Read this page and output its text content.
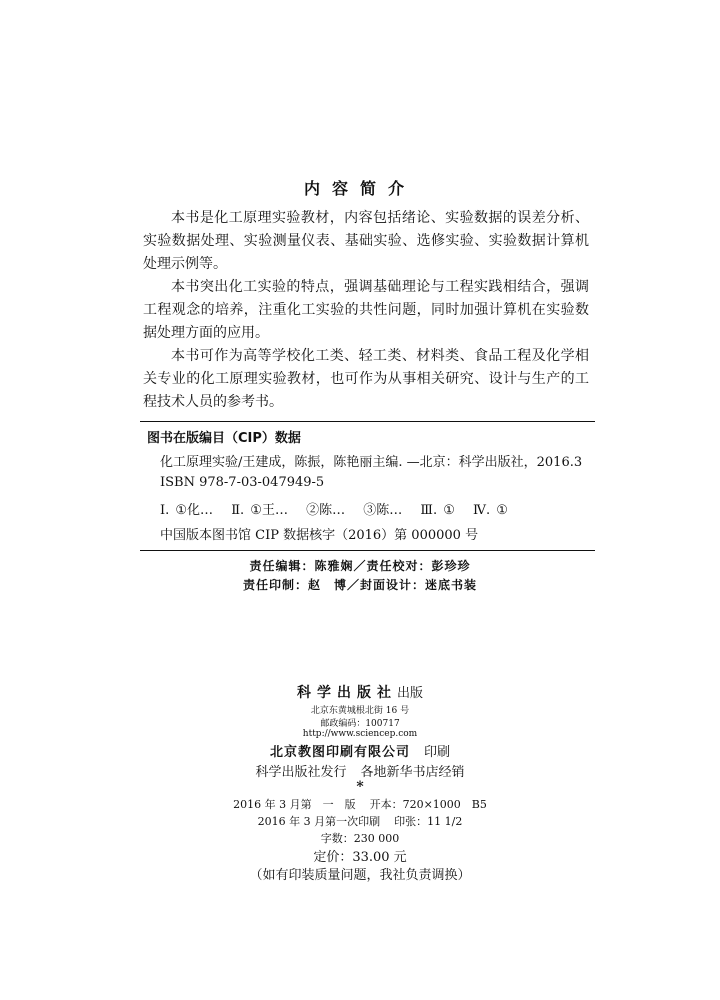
内容简介

本书是化工原理实验教材，内容包括绪论、实验数据的误差分析、实验数据处理、实验测量仪表、基础实验、选修实验、实验数据计算机处理示例等。

本书突出化工实验的特点，强调基础理论与工程实践相结合，强调工程观念的培养，注重化工实验的共性问题，同时加强计算机在实验数据处理方面的应用。

本书可作为高等学校化工类、轻工类、材料类、食品工程及化学相关专业的化工原理实验教材，也可作为从事相关研究、设计与生产的工程技术人员的参考书。

图书在版编目（CIP）数据
化工原理实验/王建成，陈振，陈艳丽主编. —北京：科学出版社，2016.3
ISBN 978-7-03-047949-5
Ⅰ. ①化… Ⅱ. ①王… ②陈… ③陈… Ⅲ. ① Ⅳ. ①
中国版本图书馆 CIP 数据核字（2016）第 000000 号
责任编辑：陈雅娴／责任校对：彭珍珍
责任印制：赵　博／封面设计：迷底书装
科学出版社出版
北京东黄城根北街 16 号
邮政编码：100717
http://www.sciencep.com
北京教图印刷有限公司 印刷
科学出版社发行 各地新华书店经销
*
2016 年 3 月第　一　版 开本：720×1000　B5
2016 年 3 月第一次印刷 印张：11 1/2
字数：230 000
定价：33.00 元
（如有印装质量问题，我社负责调换）
